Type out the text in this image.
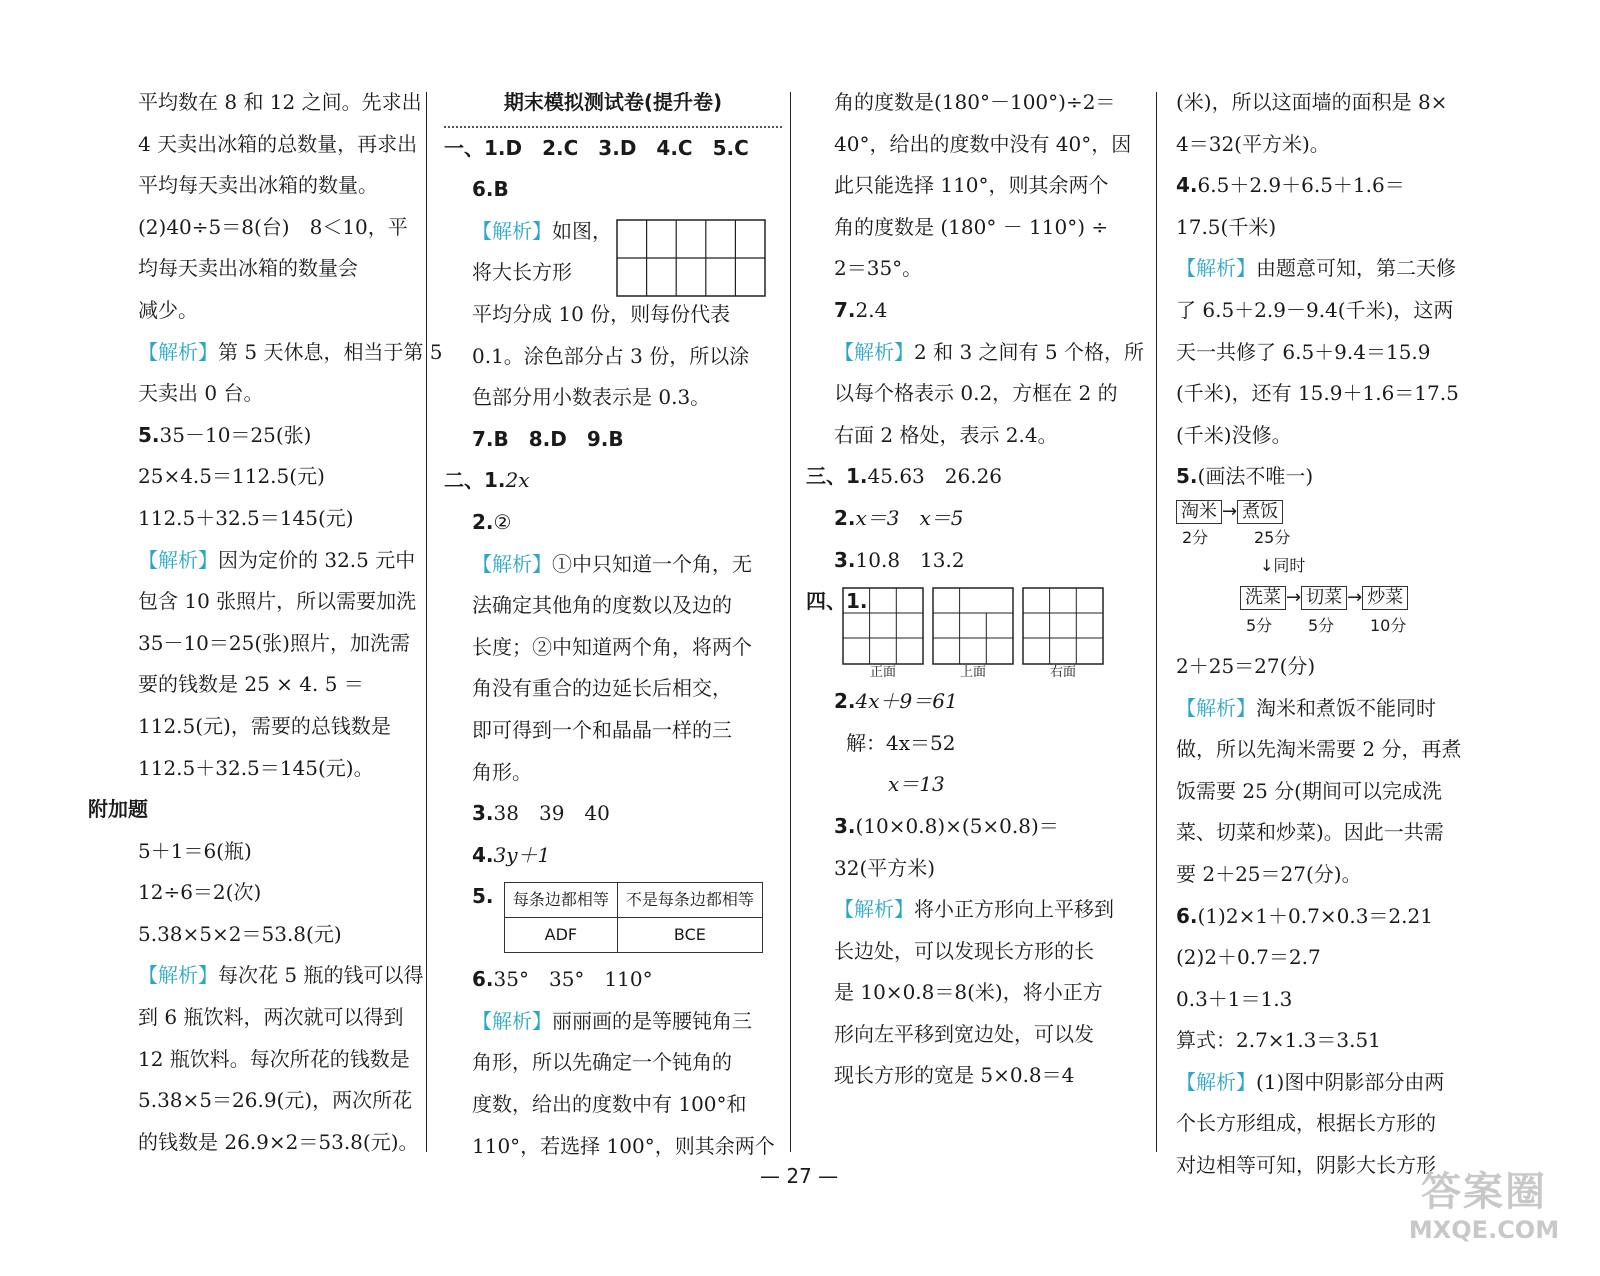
平均数在 8 和 12 之间。先求出
4 天卖出冰箱的总数量，再求出
平均每天卖出冰箱的数量。
(2)40÷5＝8(台)　8＜10，平
均每天卖出冰箱的数量会
减少。
【解析】第 5 天休息，相当于第 5
天卖出 0 台。
5.35－10＝25(张)
25×4.5＝112.5(元)
112.5＋32.5＝145(元)
【解析】因为定价的 32.5 元中
包含 10 张照片，所以需要加洗
35－10＝25(张)照片，加洗需
要的钱数是 25 × 4. 5 ＝
112.5(元)，需要的总钱数是
112.5＋32.5＝145(元)。
附加题
5＋1＝6(瓶)
12÷6＝2(次)
5.38×5×2＝53.8(元)
【解析】每次花 5 瓶的钱可以得
到 6 瓶饮料，两次就可以得到
12 瓶饮料。每次所花的钱数是
5.38×5＝26.9(元)，两次所花
的钱数是 26.9×2＝53.8(元)。
期末模拟测试卷(提升卷)
一、1.D　2.C　3.D　4.C　5.C
6.B
【解析】如图，
将大长方形
平均分成 10 份，则每份代表
0.1。涂色部分占 3 份，所以涂
色部分用小数表示是 0.3。
7.B　8.D　9.B
二、1.2x
2.②
【解析】①中只知道一个角，无
法确定其他角的度数以及边的
长度；②中知道两个角，将两个
角没有重合的边延长后相交，
即可得到一个和晶晶一样的三
角形。
3.38　39　40
4.3y＋1
5. 每条边都相等	不是每条边都相等
ADF	BCE
6.35°　35°　110°
【解析】丽丽画的是等腰钝角三
角形，所以先确定一个钝角的
度数，给出的度数中有 100°和
110°，若选择 100°，则其余两个
角的度数是(180°－100°)÷2＝
40°，给出的度数中没有 40°，因
此只能选择 110°，则其余两个
角的度数是 (180° － 110°) ÷
2＝35°。
7.2.4
【解析】2 和 3 之间有 5 个格，所
以每个格表示 0.2，方框在 2 的
右面 2 格处，表示 2.4。
三、1.45.63　26.26
2.x＝3　x＝5
3.10.8　13.2
四、1.
正面	上面	右面
2.4x＋9＝61
解：4x＝52
x＝13
3.(10×0.8)×(5×0.8)＝
32(平方米)
【解析】将小正方形向上平移到
长边处，可以发现长方形的长
是 10×0.8＝8(米)，将小正方
形向左平移到宽边处，可以发
现长方形的宽是 5×0.8＝4
(米)，所以这面墙的面积是 8×
4＝32(平方米)。
4.6.5＋2.9＋6.5＋1.6＝
17.5(千米)
【解析】由题意可知，第二天修
了 6.5＋2.9－9.4(千米)，这两
天一共修了 6.5＋9.4＝15.9
(千米)，还有 15.9＋1.6＝17.5
(千米)没修。
5.(画法不唯一)
淘米 → 煮饭
2分	25分
↓同时
洗菜 → 切菜 → 炒菜
5分 5分 10分
2＋25＝27(分)
【解析】淘米和煮饭不能同时
做，所以先淘米需要 2 分，再煮
饭需要 25 分(期间可以完成洗
菜、切菜和炒菜)。因此一共需
要 2＋25＝27(分)。
6.(1)2×1＋0.7×0.3＝2.21
(2)2＋0.7＝2.7
0.3＋1＝1.3
算式：2.7×1.3＝3.51
【解析】(1)图中阴影部分由两
个长方形组成，根据长方形的
对边相等可知，阴影大长方形
— 27 —	答案圈
MXQE.COM
